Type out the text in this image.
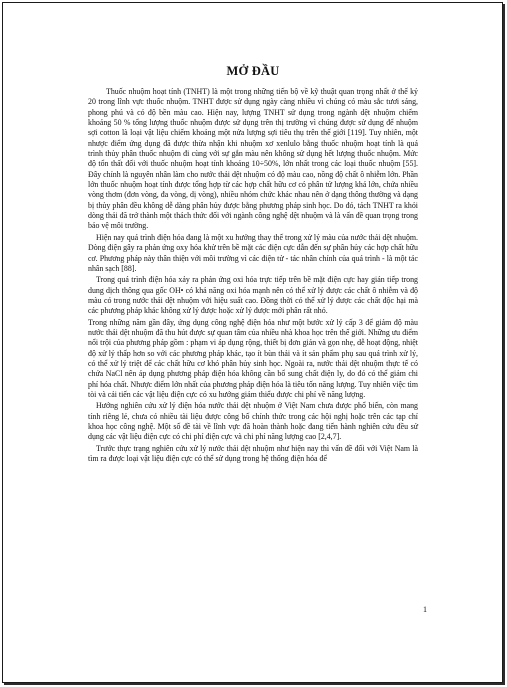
MỞ ĐẦU

Thuốc nhuộm hoạt tính (TNHT) là một trong những tiến bộ về kỹ thuật quan trọng nhất ở thế kỷ 20 trong lĩnh vực thuốc nhuộm. TNHT được sử dụng ngày càng nhiều vì chúng có màu sắc tươi sáng, phong phú và có độ bền màu cao. Hiện nay, lượng TNHT sử dụng trong ngành dệt nhuộm chiếm khoảng 50 % tổng lượng thuốc nhuộm được sử dụng trên thị trường vì chúng được sử dụng để nhuộm sợi cotton là loại vật liệu chiếm khoảng một nửa lượng sợi tiêu thụ trên thế giới [119]. Tuy nhiên, một nhược điểm ứng dụng đã được thừa nhận khi nhuộm xơ xenlulo bằng thuốc nhuộm hoạt tính là quá trình thủy phân thuốc nhuộm đi cùng với sự gắn màu nên không sử dụng hết lượng thuốc nhuộm. Mức độ tổn thất đối với thuốc nhuộm hoạt tính khoảng 10÷50%, lớn nhất trong các loại thuốc nhuộm [55]. Đây chính là nguyên nhân làm cho nước thải dệt nhuộm có độ màu cao, nồng độ chất ô nhiễm lớn. Phần lớn thuốc nhuộm hoạt tính được tổng hợp từ các hợp chất hữu cơ có phân tử lượng khá lớn, chứa nhiều vòng thơm (đơn vòng, đa vòng, dị vòng), nhiều nhóm chức khác nhau nên ở dạng thông thường và dạng bị thủy phân đều không dễ dàng phân hủy được bằng phương pháp sinh học. Do đó, tách TNHT ra khỏi dòng thải đã trở thành một thách thức đối với ngành công nghệ dệt nhuộm và là vấn đề quan trọng trong bảo vệ môi trường.

Hiện nay quá trình điện hóa đang là một xu hướng thay thế trong xử lý màu của nước thải dệt nhuộm. Dòng điện gây ra phản ứng oxy hóa khử trên bề mặt các điện cực dẫn đến sự phân hủy các hợp chất hữu cơ. Phương pháp này thân thiện với môi trường vì các điện tử - tác nhân chính của quá trình - là một tác nhân sạch [88].

Trong quá trình điện hóa xảy ra phản ứng oxi hóa trực tiếp trên bề mặt điện cực hay gián tiếp trong dung dịch thông qua gốc OH• có khả năng oxi hóa mạnh nên có thể xử lý được các chất ô nhiễm và độ màu có trong nước thải dệt nhuộm với hiệu suất cao. Đồng thời có thể xử lý được các chất độc hại mà các phương pháp khác không xử lý được hoặc xử lý được mới phân rất nhỏ.

Trong những năm gần đây, ứng dụng công nghệ điện hóa như một bước xử lý cấp 3 để giảm độ màu nước thải dệt nhuộm đã thu hút được sự quan tâm của nhiều nhà khoa học trên thế giới. Những ưu điểm nổi trội của phương pháp gồm : phạm vi áp dụng rộng, thiết bị đơn giản và gọn nhẹ, dễ hoạt động, nhiệt độ xử lý thấp hơn so với các phương pháp khác, tạo ít bùn thải và ít sản phẩm phụ sau quá trình xử lý, có thể xử lý triệt để các chất hữu cơ khó phân hủy sinh học. Ngoài ra, nước thải dệt nhuộm thực tế có chứa NaCl nên áp dụng phương pháp điện hóa không cần bổ sung chất điện ly, do đó có thể giảm chi phí hóa chất. Nhược điểm lớn nhất của phương pháp điện hóa là tiêu tốn năng lượng. Tuy nhiên việc tìm tòi và cải tiến các vật liệu điện cực có xu hướng giảm thiểu được chi phí về năng lượng.

Hướng nghiên cứu xử lý điện hóa nước thải dệt nhuộm ở Việt Nam chưa được phổ biến, còn mang tính riêng lẻ, chưa có nhiều tài liệu được công bố chính thức trong các hội nghị hoặc trên các tạp chí khoa học công nghệ. Một số đề tài về lĩnh vực đã hoàn thành hoặc đang tiến hành nghiên cứu đều sử dụng các vật liệu điện cực có chi phí điện cực và chi phí năng lượng cao [2,4,7].

Trước thực trạng nghiên cứu xử lý nước thải dệt nhuộm như hiện nay thì vấn đề đối với Việt Nam là tìm ra được loại vật liệu điện cực có thể sử dụng trong hệ thống điện hóa để

1
